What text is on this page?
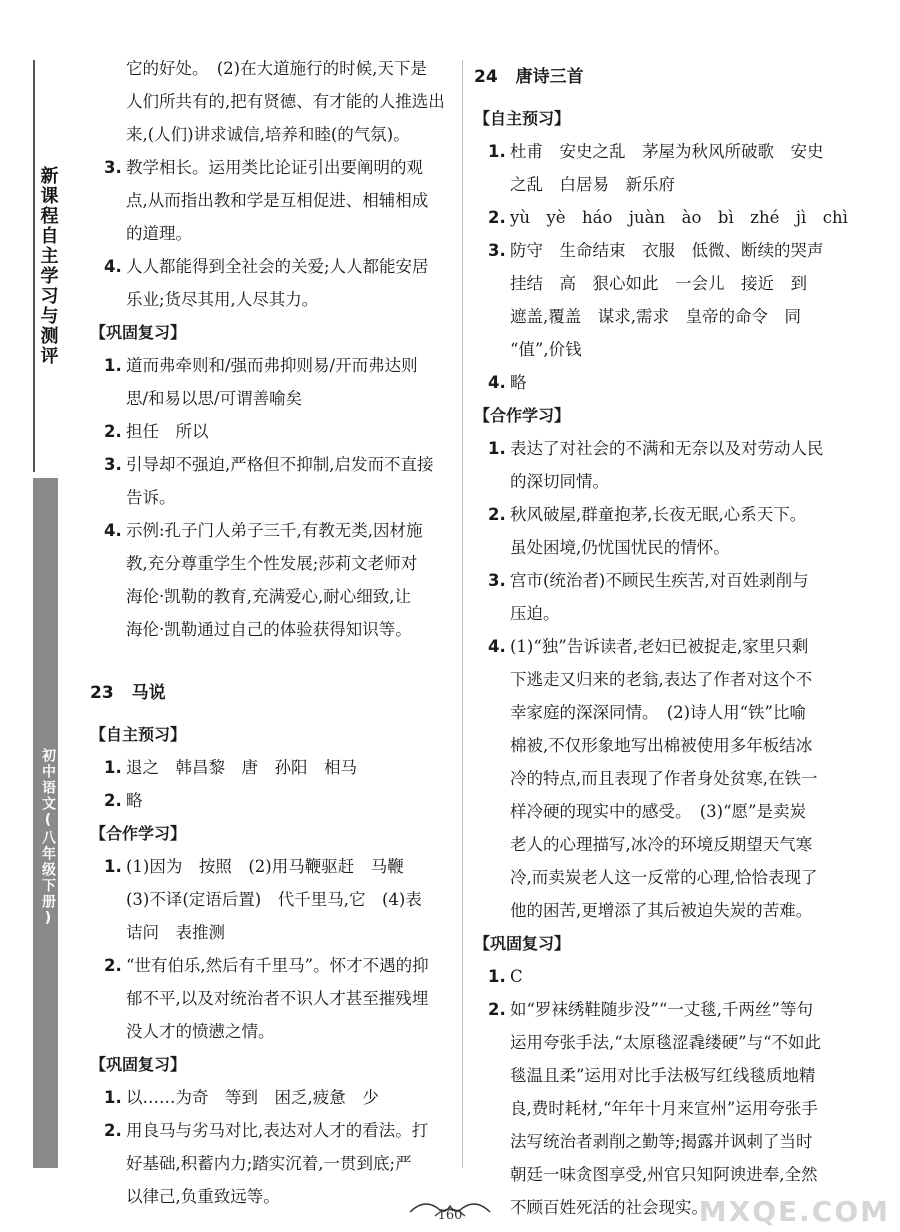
新课程自主学习与测评
初中语文(八年级下册)
它的好处。　(2)在大道施行的时候,天下是
人们所共有的,把有贤德、有才能的人推选出
来,(人们)讲求诚信,培养和睦(的气氛)。
3. 教学相长。运用类比论证引出要阐明的观
点,从而指出教和学是互相促进、相辅相成
的道理。
4. 人人都能得到全社会的关爱;人人都能安居
乐业;货尽其用,人尽其力。
【巩固复习】
1. 道而弗牵则和/强而弗抑则易/开而弗达则
思/和易以思/可谓善喻矣
2. 担任　所以
3. 引导却不强迫,严格但不抑制,启发而不直接
告诉。
4. 示例:孔子门人弟子三千,有教无类,因材施
教,充分尊重学生个性发展;莎莉文老师对
海伦·凯勒的教育,充满爱心,耐心细致,让
海伦·凯勒通过自己的体验获得知识等。
23 马说
【自主预习】
1. 退之　韩昌黎　唐　孙阳　相马
2. 略
【合作学习】
1. (1)因为　按照　(2)用马鞭驱赶　马鞭
(3)不译(定语后置)　代千里马,它　(4)表
诘问　表推测
2. “世有伯乐,然后有千里马”。怀才不遇的抑
郁不平,以及对统治者不识人才甚至摧残埋
没人才的愤懑之情。
【巩固复习】
1. 以……为奇　等到　困乏,疲惫　少
2. 用良马与劣马对比,表达对人才的看法。打
好基础,积蓄内力;踏实沉着,一贯到底;严
以律己,负重致远等。
24 唐诗三首
【自主预习】
1. 杜甫　安史之乱　茅屋为秋风所破歌　安史
之乱　白居易　新乐府
2. yù　yè　háo　juàn　ào　bì　zhé　jì　chì
3. 防守　生命结束　衣服　低微、断续的哭声
挂结　高　狠心如此　一会儿　接近　到
遮盖,覆盖　谋求,需求　皇帝的命令　同
“值”,价钱
4. 略
【合作学习】
1. 表达了对社会的不满和无奈以及对劳动人民
的深切同情。
2. 秋风破屋,群童抱茅,长夜无眠,心系天下。
虽处困境,仍忧国忧民的情怀。
3. 宫市(统治者)不顾民生疾苦,对百姓剥削与
压迫。
4. (1)“独”告诉读者,老妇已被捉走,家里只剩
下逃走又归来的老翁,表达了作者对这个不
幸家庭的深深同情。　(2)诗人用“铁”比喻
棉被,不仅形象地写出棉被使用多年板结冰
冷的特点,而且表现了作者身处贫寒,在铁一
样冷硬的现实中的感受。　(3)“愿”是卖炭
老人的心理描写,冰冷的环境反期望天气寒
冷,而卖炭老人这一反常的心理,恰恰表现了
他的困苦,更增添了其后被迫失炭的苦难。
【巩固复习】
1. C
2. 如“罗袜绣鞋随步没”“一丈毯,千两丝”等句
运用夸张手法,“太原毯涩毳缕硬”与“不如此
毯温且柔”运用对比手法极写红线毯质地精
良,费时耗材,“年年十月来宣州”运用夸张手
法写统治者剥削之勤等;揭露并讽刺了当时
朝廷一味贪图享受,州官只知阿谀进奉,全然
不顾百姓死活的社会现实。
160	MXQE.COM
